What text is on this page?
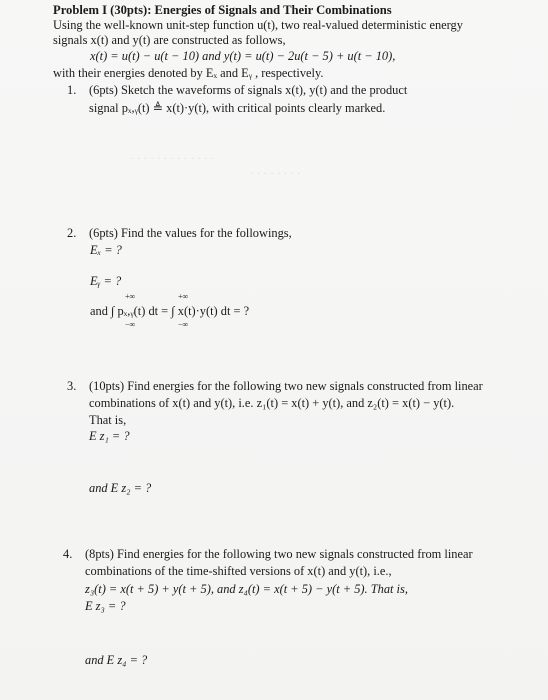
Problem I (30pts): Energies of Signals and Their Combinations
Using the well-known unit-step function u(t), two real-valued deterministic energy
signals x(t) and y(t) are constructed as follows,
x(t) = u(t) − u(t − 10) and y(t) = u(t) − 2u(t − 5) + u(t − 10),
with their energies denoted by Eₓ and Eᵧ , respectively.
1. (6pts) Sketch the waveforms of signals x(t), y(t) and the product
signal pₓ,ᵧ(t) ≜ x(t)·y(t), with critical points clearly marked.
· · · · · · · · · · · · ·
· · · · · · · ·
2. (6pts) Find the values for the followings,
Eₓ = ?
Eᵧ = ?
+∞	+∞
and ∫ pₓ,ᵧ(t) dt = ∫ x(t)·y(t) dt = ?
−∞	−∞
3. (10pts) Find energies for the following two new signals constructed from linear
combinations of x(t) and y(t), i.e. z₁(t) = x(t) + y(t), and z₂(t) = x(t) − y(t).
That is,
E z₁ = ?
and E z₂ = ?
4. (8pts) Find energies for the following two new signals constructed from linear
combinations of the time-shifted versions of x(t) and y(t), i.e.,
z₃(t) = x(t + 5) + y(t + 5), and z₄(t) = x(t + 5) − y(t + 5). That is,
E z₃ = ?
and E z₄ = ?
